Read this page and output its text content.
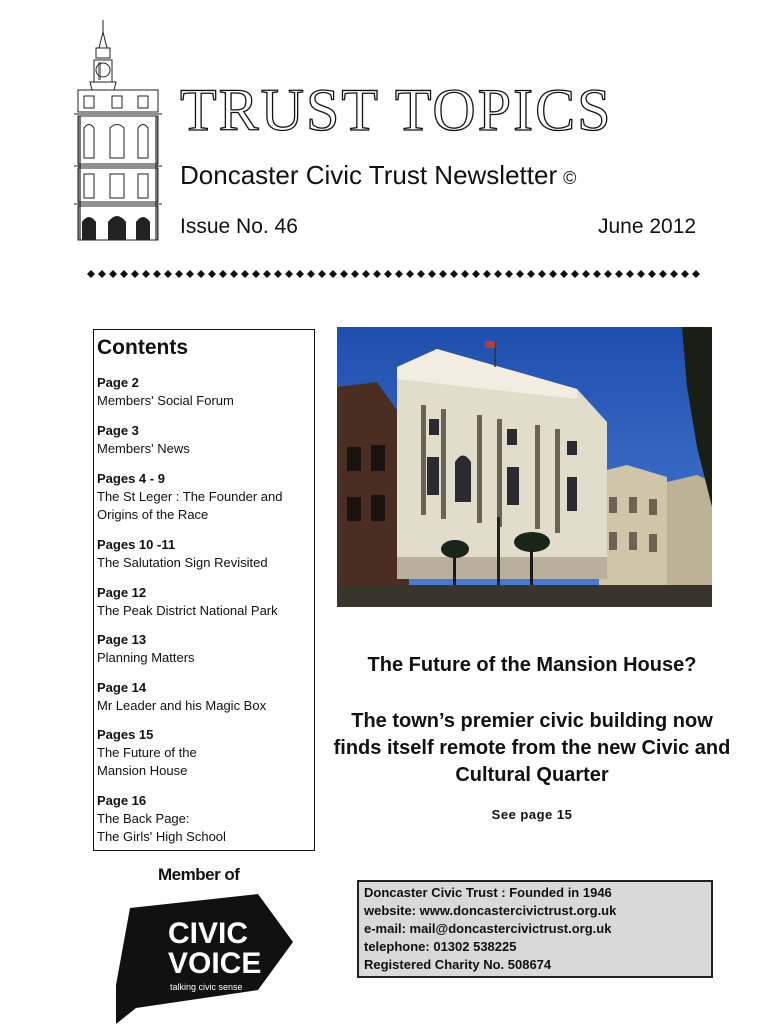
TRUST TOPICS
Doncaster Civic Trust Newsletter ©
Issue No. 46	June 2012
Contents
Page 2
Members' Social Forum
Page 3
Members' News
Pages 4 - 9
The St Leger : The Founder and
Origins of the Race
Pages 10 -11
The Salutation Sign Revisited
Page 12
The Peak District National Park
Page 13
Planning Matters
Page 14
Mr Leader and his Magic Box
Pages 15
The Future of the
Mansion House
Page 16
The Back Page:
The Girls' High School
The Future of the Mansion House?
The town’s premier civic building now finds itself remote from the new Civic and Cultural Quarter
See page 15
Member of
CIVIC
VOICE
talking civic sense
Doncaster Civic Trust : Founded in 1946
website: www.doncastercivictrust.org.uk
e-mail: mail@doncastercivictrust.org.uk
telephone: 01302 538225
Registered Charity No. 508674
